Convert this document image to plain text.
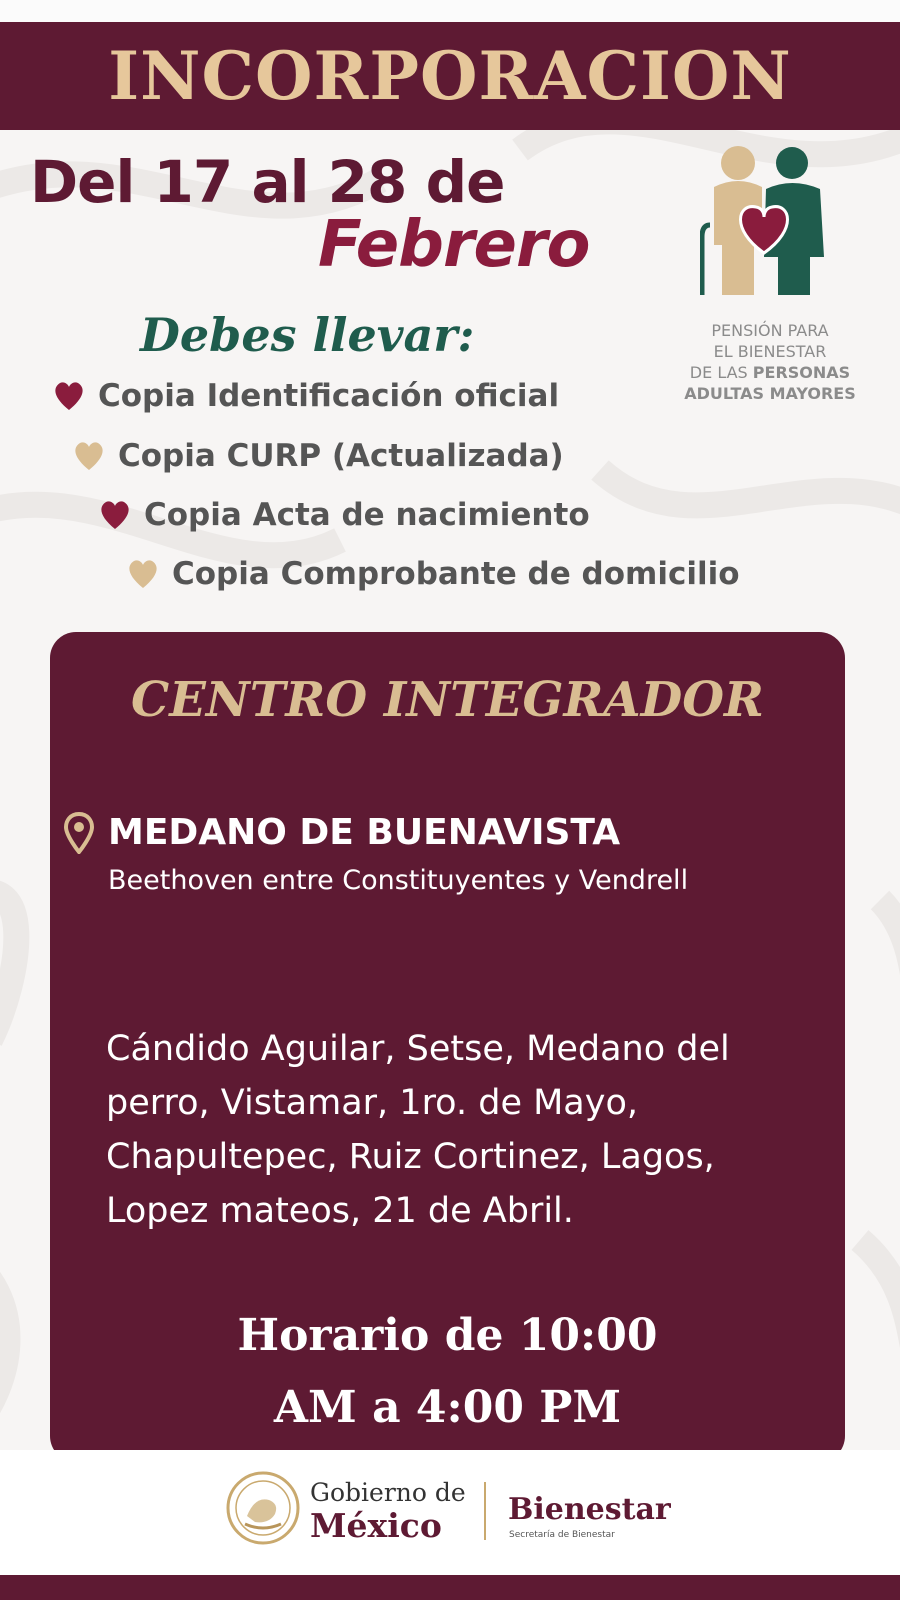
INCORPORACION
Del 17 al 28 de
Febrero
PENSIÓN PARA
EL BIENESTAR
DE LAS PERSONAS
ADULTAS MAYORES
Debes llevar:
Copia Identificación oficial
Copia CURP (Actualizada)
Copia Acta de nacimiento
Copia Comprobante de domicilio
CENTRO INTEGRADOR
MEDANO DE BUENAVISTA
Beethoven entre Constituyentes y Vendrell
Cándido Aguilar, Setse, Medano del perro, Vistamar, 1ro. de Mayo, Chapultepec, Ruiz Cortinez, Lagos, Lopez mateos, 21 de Abril.
Horario de 10:00
AM a 4:00 PM
Gobierno de
México Bienestar
Secretaría de Bienestar
